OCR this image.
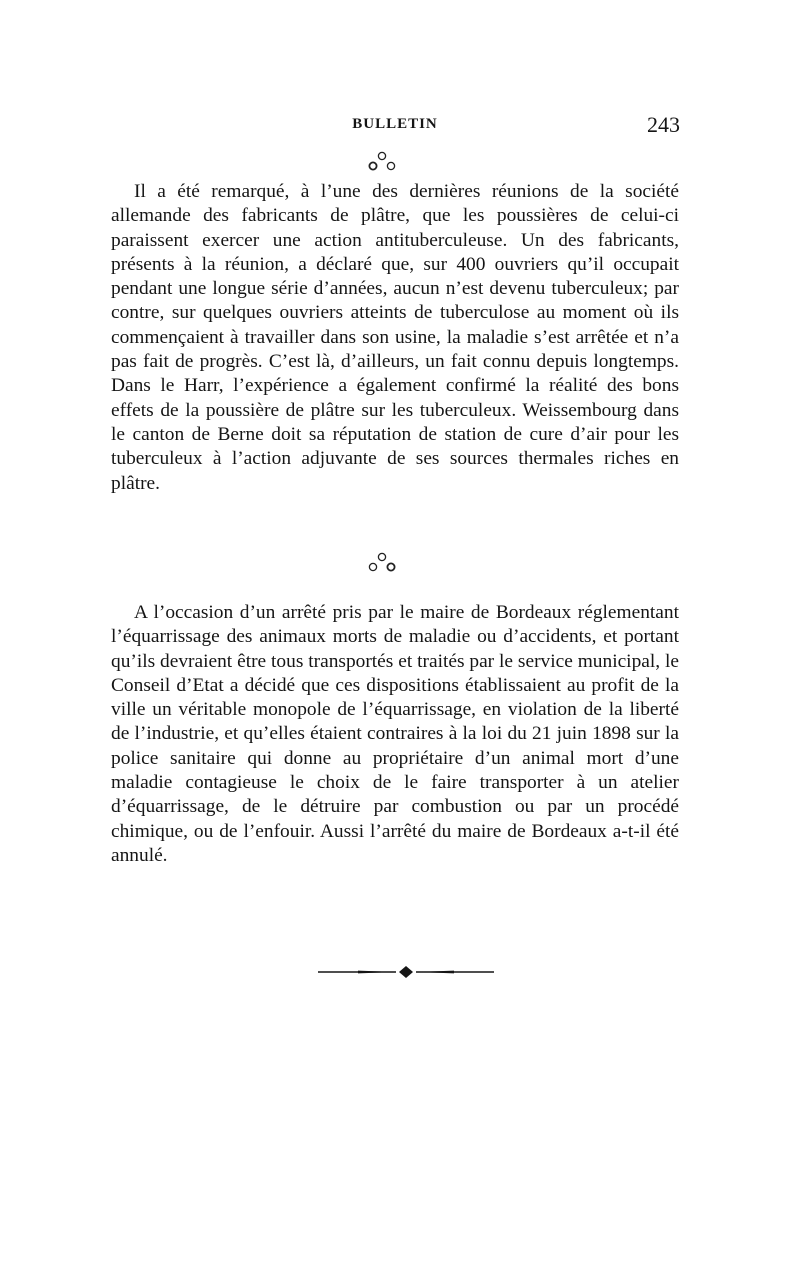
BULLETIN	243

Il a été remarqué, à l’une des dernières réunions de la société allemande des fabricants de plâtre, que les poussières de celui-ci paraissent exercer une action antituberculeuse. Un des fabricants, présents à la réunion, a déclaré que, sur 400 ouvriers qu’il occupait pendant une longue série d’années, aucun n’est devenu tuberculeux; par contre, sur quelques ouvriers atteints de tuberculose au moment où ils commençaient à travailler dans son usine, la maladie s’est arrêtée et n’a pas fait de progrès. C’est là, d’ailleurs, un fait connu depuis longtemps. Dans le Harr, l’expérience a également confirmé la réalité des bons effets de la poussière de plâtre sur les tuberculeux. Weissembourg dans le canton de Berne doit sa réputation de station de cure d’air pour les tuberculeux à l’action adjuvante de ses sources thermales riches en plâtre.

A l’occasion d’un arrêté pris par le maire de Bordeaux réglementant l’équarrissage des animaux morts de maladie ou d’accidents, et portant qu’ils devraient être tous transportés et traités par le service municipal, le Conseil d’Etat a décidé que ces dispositions établissaient au profit de la ville un véritable monopole de l’équarrissage, en violation de la liberté de l’industrie, et qu’elles étaient contraires à la loi du 21 juin 1898 sur la police sanitaire qui donne au propriétaire d’un animal mort d’une maladie contagieuse le choix de le faire transporter à un atelier d’équarrissage, de le détruire par combustion ou par un procédé chimique, ou de l’enfouir. Aussi l’arrêté du maire de Bordeaux a-t-il été annulé.
